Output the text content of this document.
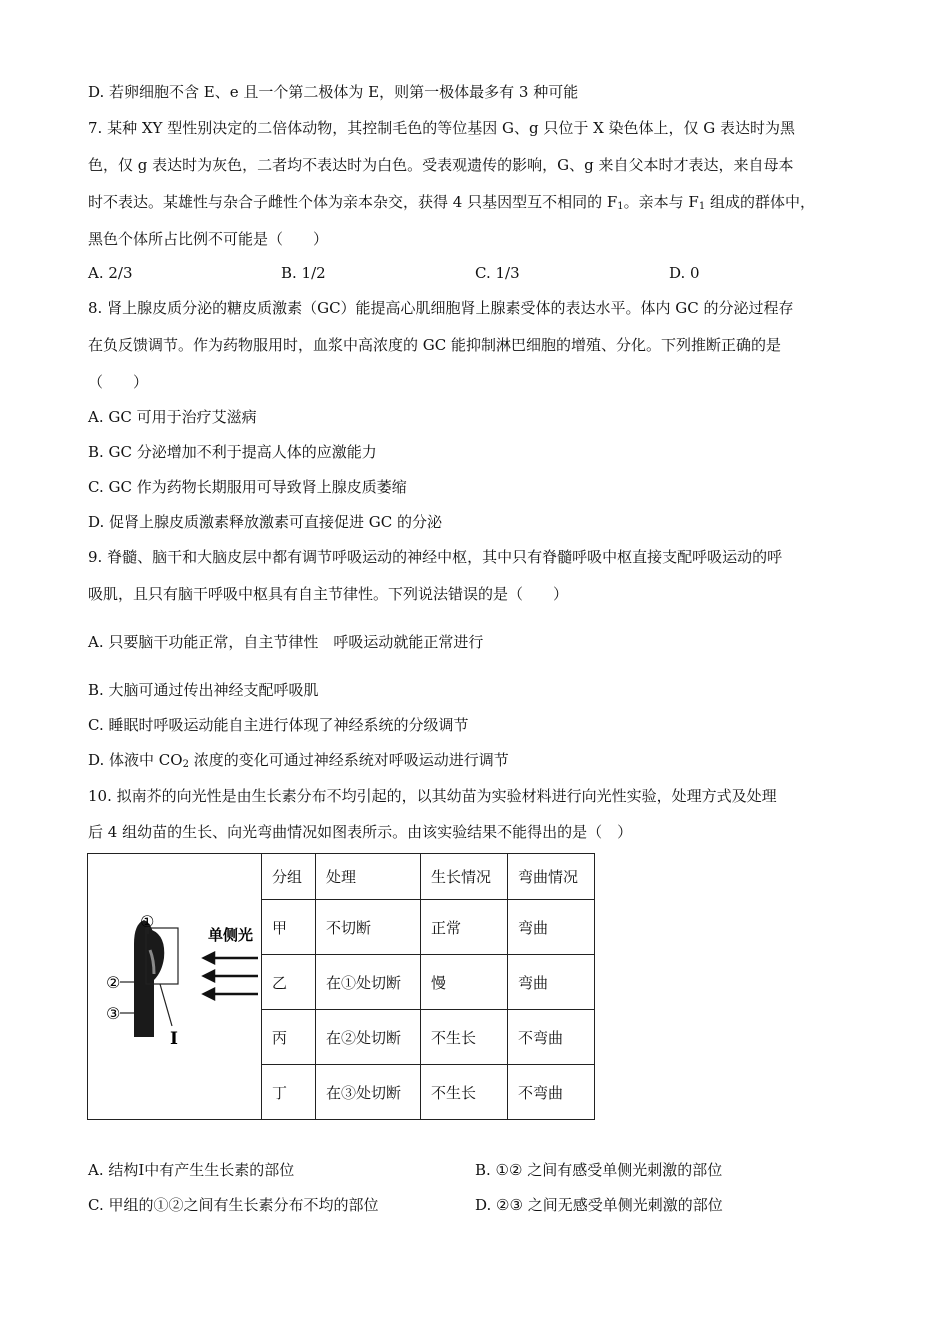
D. 若卵细胞不含 E、e 且一个第二极体为 E，则第一极体最多有 3 种可能
7. 某种 XY 型性别决定的二倍体动物，其控制毛色的等位基因 G、g 只位于 X 染色体上，仅 G 表达时为黑
色，仅 g 表达时为灰色，二者均不表达时为白色。受表观遗传的影响，G、g 来自父本时才表达，来自母本
时不表达。某雄性与杂合子雌性个体为亲本杂交，获得 4 只基因型互不相同的 $F_1$。亲本与 $F_1$ 组成的群体中，
黑色个体所占比例不可能是（　　）
A. 2/3	B. 1/2	C. 1/3	D. 0
8. 肾上腺皮质分泌的糖皮质激素（GC）能提高心肌细胞肾上腺素受体的表达水平。体内 GC 的分泌过程存
在负反馈调节。作为药物服用时，血浆中高浓度的 GC 能抑制淋巴细胞的增殖、分化。下列推断正确的是
（　　）
A. GC 可用于治疗艾滋病
B. GC 分泌增加不利于提高人体的应激能力
C. GC 作为药物长期服用可导致肾上腺皮质萎缩
D. 促肾上腺皮质激素释放激素可直接促进 GC 的分泌
9. 脊髓、脑干和大脑皮层中都有调节呼吸运动的神经中枢，其中只有脊髓呼吸中枢直接支配呼吸运动的呼
吸肌，且只有脑干呼吸中枢具有自主节律性。下列说法错误的是（　　）
A. 只要脑干功能正常，自主节律性　呼吸运动就能正常进行
B. 大脑可通过传出神经支配呼吸肌
C. 睡眠时呼吸运动能自主进行体现了神经系统的分级调节
D. 体液中 $CO_2$ 浓度的变化可通过神经系统对呼吸运动进行调节
10. 拟南芥的向光性是由生长素分布不均引起的，以其幼苗为实验材料进行向光性实验，处理方式及处理
后 4 组幼苗的生长、向光弯曲情况如图表所示。由该实验结果不能得出的是（　）
单侧光
①
②
③
I	分组	处理	生长情况	弯曲情况
	甲	不切断	正常	弯曲
	乙	在①处切断	慢	弯曲
	丙	在②处切断	不生长	不弯曲
	丁	在③处切断	不生长	不弯曲
A. 结构Ⅰ中有产生生长素的部位	B. ①② 之间有感受单侧光刺激的部位
C. 甲组的①②之间有生长素分布不均的部位	D. ②③ 之间无感受单侧光刺激的部位
